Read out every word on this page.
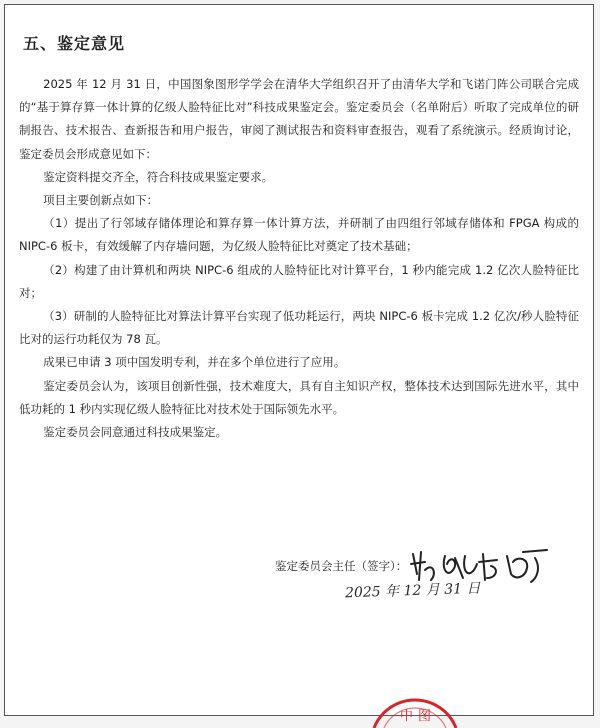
五、鉴定意见

2025 年 12 月 31 日，中国图象图形学学会在清华大学组织召开了由清华大学和飞诺门阵公司联合完成的“基于算存算一体计算的亿级人脸特征比对”科技成果鉴定会。鉴定委员会（名单附后）听取了完成单位的研制报告、技术报告、查新报告和用户报告，审阅了测试报告和资料审查报告，观看了系统演示。经质询讨论，鉴定委员会形成意见如下：

鉴定资料提交齐全，符合科技成果鉴定要求。

项目主要创新点如下：

（1）提出了行邻域存储体理论和算存算一体计算方法，并研制了由四组行邻域存储体和 FPGA 构成的 NIPC-6 板卡，有效缓解了内存墙问题，为亿级人脸特征比对奠定了技术基础；

（2）构建了由计算机和两块 NIPC-6 组成的人脸特征比对计算平台，1 秒内能完成 1.2 亿次人脸特征比对；

（3）研制的人脸特征比对算法计算平台实现了低功耗运行，两块 NIPC-6 板卡完成 1.2 亿次/秒人脸特征比对的运行功耗仅为 78 瓦。

成果已申请 3 项中国发明专利，并在多个单位进行了应用。

鉴定委员会认为，该项目创新性强，技术难度大，具有自主知识产权，整体技术达到国际先进水平，其中低功耗的 1 秒内实现亿级人脸特征比对技术处于国际领先水平。

鉴定委员会同意通过科技成果鉴定。

鉴定委员会主任（签字）：
2025 年 12 月 31 日
中 图
